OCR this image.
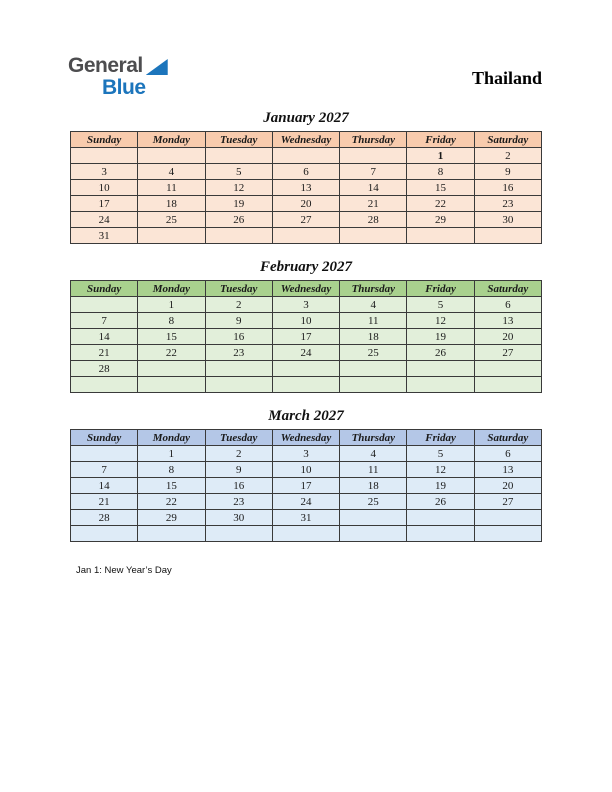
General
Blue	Thailand
January 2027
Sunday	Monday	Tuesday	Wednesday	Thursday	Friday	Saturday
					1	2
3	4	5	6	7	8	9
10	11	12	13	14	15	16
17	18	19	20	21	22	23
24	25	26	27	28	29	30
31						
February 2027
Sunday	Monday	Tuesday	Wednesday	Thursday	Friday	Saturday
	1	2	3	4	5	6
7	8	9	10	11	12	13
14	15	16	17	18	19	20
21	22	23	24	25	26	27
28						

March 2027
Sunday	Monday	Tuesday	Wednesday	Thursday	Friday	Saturday
	1	2	3	4	5	6
7	8	9	10	11	12	13
14	15	16	17	18	19	20
21	22	23	24	25	26	27
28	29	30	31			

Jan 1: New Year’s Day
